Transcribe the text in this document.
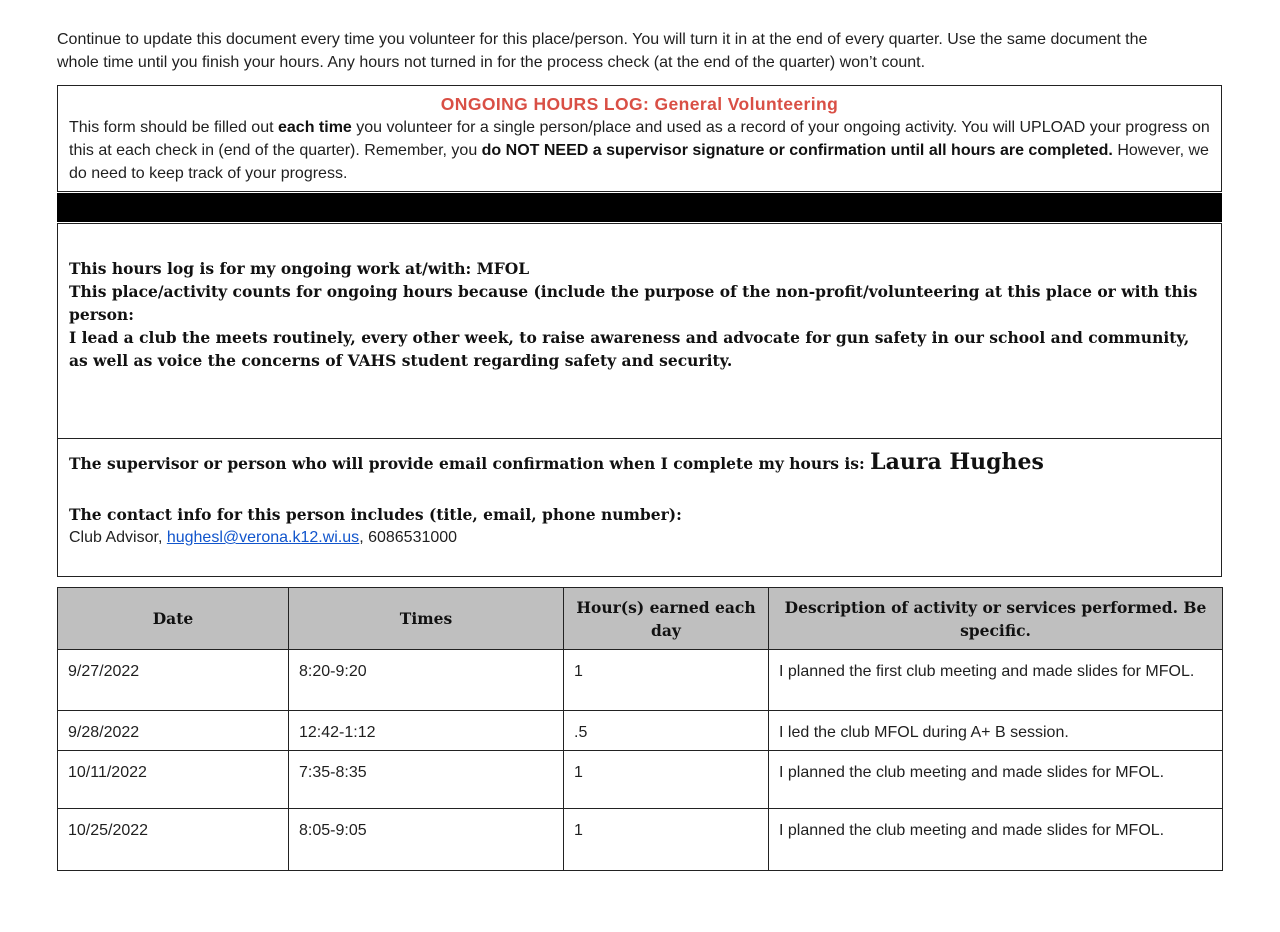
Continue to update this document every time you volunteer for this place/person. You will turn it in at the end of every quarter. Use the same document the whole time until you finish your hours. Any hours not turned in for the process check (at the end of the quarter) won’t count.

ONGOING HOURS LOG: General Volunteering
This form should be filled out each time you volunteer for a single person/place and used as a record of your ongoing activity. You will UPLOAD your progress on this at each check in (end of the quarter). Remember, you do NOT NEED a supervisor signature or confirmation until all hours are completed. However, we do need to keep track of your progress.

This hours log is for my ongoing work at/with: MFOL

This place/activity counts for ongoing hours because (include the purpose of the non-profit/volunteering at this place or with this person:

I lead a club the meets routinely, every other week, to raise awareness and advocate for gun safety in our school and community, as well as voice the concerns of VAHS student regarding safety and security.

The supervisor or person who will provide email confirmation when I complete my hours is: Laura Hughes

The contact info for this person includes (title, email, phone number):

Club Advisor, hughesl@verona.k12.wi.us, 6086531000

Date	Times	Hour(s) earned each day	Description of activity or services performed. Be specific.
9/27/2022	8:20-9:20	1	I planned the first club meeting and made slides for MFOL.
9/28/2022	12:42-1:12	.5	I led the club MFOL during A+ B session.
10/11/2022	7:35-8:35	1	I planned the club meeting and made slides for MFOL.
10/25/2022	8:05-9:05	1	I planned the club meeting and made slides for MFOL.
